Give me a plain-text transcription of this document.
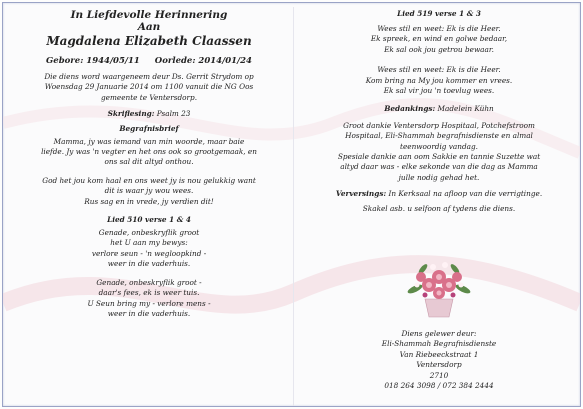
In Liefdevolle Herinnering
Aan
Magdalena Elizabeth Claassen
Gebore: 1944/05/11 Oorlede: 2014/01/24
Die diens word waargeneem deur Ds. Gerrit Strydom op
Woensdag 29 Januarie 2014 om 1100 vanuit die NG Oos
gemeente te Ventersdorp.
Skriflesing: Psalm 23
Begrafnisbrief
Mamma, jy was iemand van min woorde, maar baie
liefde. Jy was 'n vegter en het ons ook so grootgemaak, en
ons sal dit altyd onthou.
God het jou kom haal en ons weet jy is nou gelukkig want
dit is waar jy wou wees.
Rus sag en in vrede, jy verdien dit!
Lied 510 verse 1 & 4
Genade, onbeskryflik groot
het U aan my bewys:
verlore seun - 'n wegloopkind -
weer in die vaderhuis.
Genade, onbeskryflik groot -
daar's fees, ek is weer tuis.
U Seun bring my - verlore mens -
weer in die vaderhuis.
Lied 519 verse 1 & 3
Wees stil en weet: Ek is die Heer.
Ek spreek, en wind en golwe bedaar,
Ek sal ook jou getrou bewaar.
Wees stil en weet: Ek is die Heer.
Kom bring na My jou kommer en vrees.
Ek sal vir jou 'n toevlug wees.
Bedankings: Madelein Kühn
Groot dankie Ventersdorp Hospitaal, Potchefstroom
Hospitaal, Eli-Shammah begrafnisdienste en almal
teenwoordig vandag.
Spesiale dankie aan oom Sakkie en tannie Suzette wat
altyd daar was - elke sekonde van die dag as Mamma
julle nodig gehad het.
Verversings: In Kerksaal na afloop van die verrigtinge.
Skakel asb. u selfoon af tydens die diens.
Diens gelewer deur:
Eli-Shammah Begrafnisdienste
Van Riebeeckstraat 1
Ventersdorp
2710
018 264 3098 / 072 384 2444
